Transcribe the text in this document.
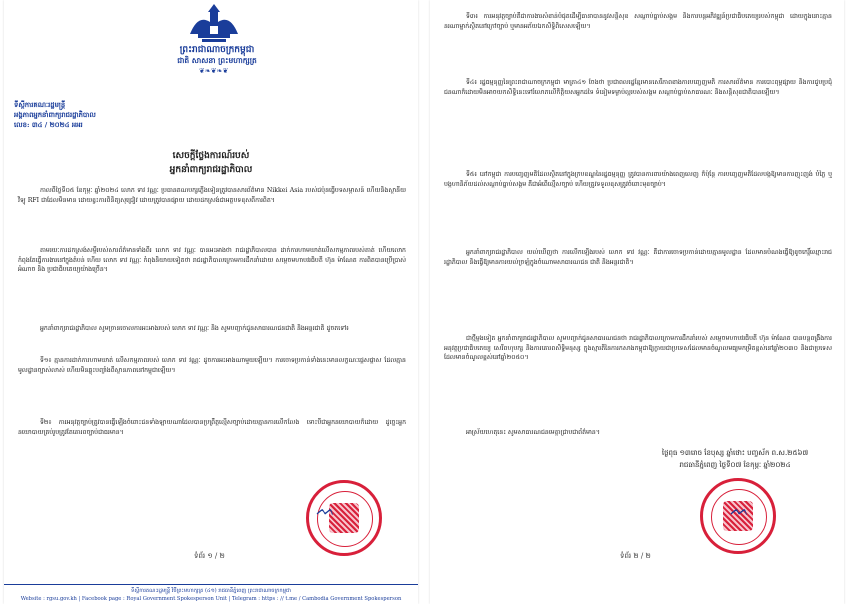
ព្រះរាជាណាចក្រកម្ពុជា
ជាតិ សាសនា ព្រះមហាក្សត្រ
❦❧❦❧❦
ទីស្តីការគណៈរដ្ឋមន្ត្រី
អង្គភាពអ្នកនាំពាក្យរាជរដ្ឋាភិបាល
លេខ: ៣៤ / ២០២៤ អអរ
សេចក្តីថ្លែងការណ៍របស់
អ្នកនាំពាក្យរាជរដ្ឋាភិបាល
កាលពីថ្ងៃទី០៥ ខែកុម្ភៈ ឆ្នាំ២០២៤ លោក ទាវ វណ្ណៈ ប្រធានគណបក្សភ្លើងទៀនត្រូវបានសារព័ត៌មាន Nikkei Asia របស់ជប៉ុនធ្វើបទសម្ភាសន៍ ហើយនិងស្ថានីយវិទ្យុ RFI ជាដែលមិនមាន ដោយខ្វះការពិនិត្យសុជ្រៀវ ដោយត្រូវបានផ្សាយ ដោយដកស្រង់ជាអត្ថបទខុសពីការពិត។
តាមរយៈការដកស្រង់សម្តីរបស់សារព័ត៌មានទាំងពីរ លោក ទាវ វណ្ណៈ បានអះអាងថា រាជរដ្ឋាភិបាលបាន ដាក់ការហាមឃាត់លើសកម្មភាពរបស់គាត់ ហើយលោកកំពុងតែធ្វើការងារនៅក្នុងតំបន់ ហើយ លោក ទាវ វណ្ណៈ កំពុងនិយាយទៀតថា រាជរដ្ឋាភិបាលក្រោមការដឹកនាំដោយ សម្តេចមហាបវរធិបតី ហ៊ុន ម៉ាណែត ការពិតបានប្រើប្រាស់អំណាច និង ប្រជាធិបតេយ្យយ៉ាងច្រើន។
អ្នកនាំពាក្យរាជរដ្ឋាភិបាល សូមច្រានចោលការអះអាងរបស់ លោក ទាវ វណ្ណៈ និង សូមបញ្ជាក់ជូនសាធារណជនជាតិ និងអន្តរជាតិ ដូចតទៅ៖
ទី១៖ គ្មានការដាក់ការហាមឃាត់ លើសកម្មភាពរបស់ លោក ទាវ វណ្ណៈ ដូចការអះអាងណាមួយឡើយ។ ការចោទប្រកាន់ទាំងនេះមានលក្ខណៈផ្តេសផ្តាស ដែលគ្មានមូលដ្ឋានច្បាស់លាស់ ហើយមិនឆ្លុះបញ្ចាំងពីស្ថានភាពនៅកម្ពុជាឡើយ។
ទី២៖ ការអនុវត្តច្បាប់ត្រូវបានធ្វើឡើងចំពោះជនទាំងឡាយណាដែលបានប្រព្រឹត្តល្មើសច្បាប់ដោយគ្មានការលើកលែង ទោះបីជាអ្នកនយោបាយក៏ដោយ ដូច្នេះអ្នកនយោបាយគ្រប់រូបត្រូវតែគោរពច្បាប់ជាធរមាន។
ᨓ
ទំព័រ ១ / ២
ទីស្តីការគណៈរដ្ឋមន្ត្រី វិថីព្រះមហាក្សត្រ (៤១) រាជធានីភ្នំពេញ ព្រះរាជាណាចក្រកម្ពុជា
Website : rgsu.gov.kh | Facebook page : Royal Government Spokesperson Unit | Telegram : https : // t.me / Cambodia Government Spokesperson
ទី៣៖ ការអនុវត្តច្បាប់គឺជាការងារសំខាន់បំផុតដើម្បីធានាបាននូវសន្តិសុខ សណ្តាប់ធ្នាប់សង្គម និងការបន្តអភិវឌ្ឍន៍ប្រជាធិបតេយ្យរបស់កម្ពុជា ដោយក្នុងនោះគ្មាននរណាម្នាក់ស្ថិតនៅក្រៅច្បាប់ ឬមានអភ័យឯកសិទ្ធិពិសេសឡើយ។
ទី៤៖ រដ្ឋធម្មនុញ្ញនៃព្រះរាជាណាចក្រកម្ពុជា មាត្រា៤១ ចែងថា ប្រជាពលរដ្ឋខ្មែរមានសេរីភាពខាងការបញ្ចេញមតិ ការសារព័ត៌មាន ការបោះពុម្ពផ្សាយ និងការជួបប្រជុំ ជនណាក៏ដោយមិនអាចយកសិទ្ធិនេះទៅរំលោភលើកិត្តិយសអ្នកដទៃ ទំនៀមទម្លាប់ល្អរបស់សង្គម សណ្តាប់ធ្នាប់សាធារណៈ និងសន្តិសុខជាតិបានឡើយ។
ទី៥៖ នៅកម្ពុជា ការបញ្ចេញមតិដែលស្ថិតនៅក្នុងក្របខណ្ឌនៃរដ្ឋធម្មនុញ្ញ ត្រូវបានការពារយ៉ាងពេញលេញ ក៏ប៉ុន្តែ ការបញ្ចេញមតិដែលបង្កឱ្យមានការញុះញង់ បំភ្លៃ ឬបង្កហានិភ័យដល់សណ្តាប់ធ្នាប់សង្គម គឺជាអំពើល្មើសច្បាប់ ហើយត្រូវទទួលខុសត្រូវចំពោះមុខច្បាប់។
អ្នកនាំពាក្យរាជរដ្ឋាភិបាល យល់ឃើញថា ការលើកឡើងរបស់ លោក ទាវ វណ្ណៈ គឺជាការចោទប្រកាន់ដោយគ្មានមូលដ្ឋាន ដែលមានបំណងធ្វើឱ្យខូចកេរ្តិ៍ឈ្មោះរាជរដ្ឋាភិបាល និងធ្វើឱ្យមានការយល់ច្រឡំក្នុងចំណោមសាធារណជន ជាតិ និងអន្តរជាតិ។
ជាថ្មីម្តងទៀត អ្នកនាំពាក្យរាជរដ្ឋាភិបាល សូមបញ្ជាក់ជូនសាធារណជនថា រាជរដ្ឋាភិបាលក្រោមការដឹកនាំរបស់ សម្តេចមហាបវរធិបតី ហ៊ុន ម៉ាណែត បានបន្តពង្រឹងការអនុវត្តប្រជាធិបតេយ្យ សេរីពហុបក្ស និងការគោរពសិទ្ធិមនុស្ស ក្នុងស្មារតីនៃការកសាងកម្ពុជាឱ្យក្លាយជាប្រទេសដែលមានចំណូលមធ្យមកម្រិតខ្ពស់នៅឆ្នាំ២០៣០ និងជាប្រទេសដែលមានចំណូលខ្ពស់នៅឆ្នាំ២០៥០។
អាស្រ័យហេតុនេះ សូមសាធារណជនមេត្តាជ្រាបជាព័ត៌មាន។
ថ្ងៃពុធ ១៣រោច ខែបុស្ស ឆ្នាំថោះ បញ្ចស័ក ព.ស.២៥៦៧
រាជធានីភ្នំពេញ ថ្ងៃទី០៧ ខែកុម្ភៈ ឆ្នាំ២០២៤
ᨓ
ទំព័រ ២ / ២
